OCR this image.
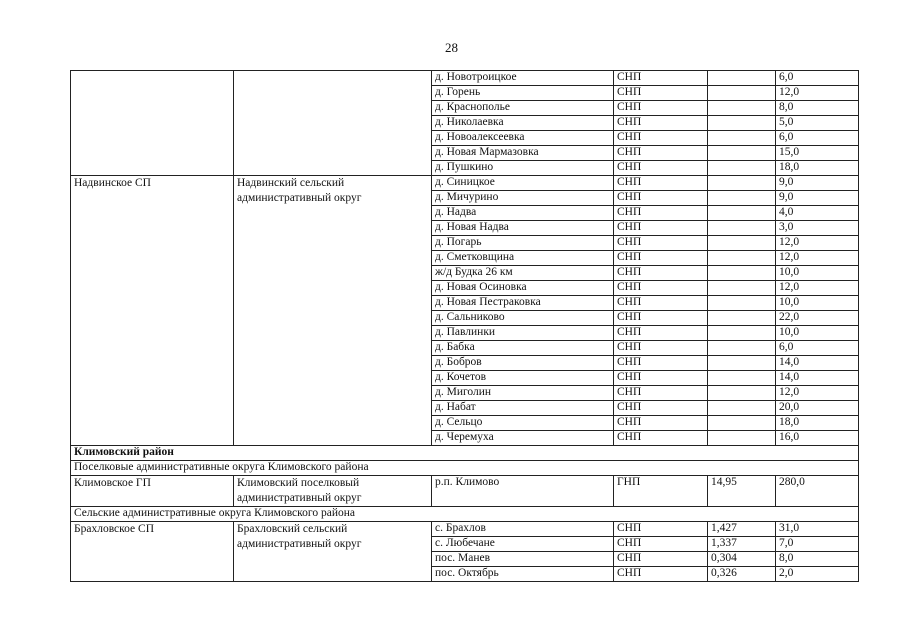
28
		д. Новотроицкое	СНП		6,0
		д. Горень	СНП		12,0
		д. Краснополье	СНП		8,0
		д. Николаевка	СНП		5,0
		д. Новоалексеевка	СНП		6,0
		д. Новая Мармазовка	СНП		15,0
		д. Пушкино	СНП		18,0
Надвинское СП	Надвинский сельский административный округ	д. Синицкое	СНП		9,0
		д. Мичурино	СНП		9,0
		д. Надва	СНП		4,0
		д. Новая Надва	СНП		3,0
		д. Погарь	СНП		12,0
		д. Сметковщина	СНП		12,0
		ж/д Будка 26 км	СНП		10,0
		д. Новая Осиновка	СНП		12,0
		д. Новая Пестраковка	СНП		10,0
		д. Сальниково	СНП		22,0
		д. Павлинки	СНП		10,0
		д. Бабка	СНП		6,0
		д. Бобров	СНП		14,0
		д. Кочетов	СНП		14,0
		д. Миголин	СНП		12,0
		д. Набат	СНП		20,0
		д. Сельцо	СНП		18,0
		д. Черемуха	СНП		16,0
Климовский район					
Поселковые административные округа Климовского района					
Климовское ГП	Климовский поселковый административный округ	р.п. Климово	ГНП	14,95	280,0
Сельские административные округа Климовского района					
Брахловское СП	Брахловский сельский административный округ	с. Брахлов	СНП	1,427	31,0
		с. Любечане	СНП	1,337	7,0
		пос. Манев	СНП	0,304	8,0
		пос. Октябрь	СНП	0,326	2,0
